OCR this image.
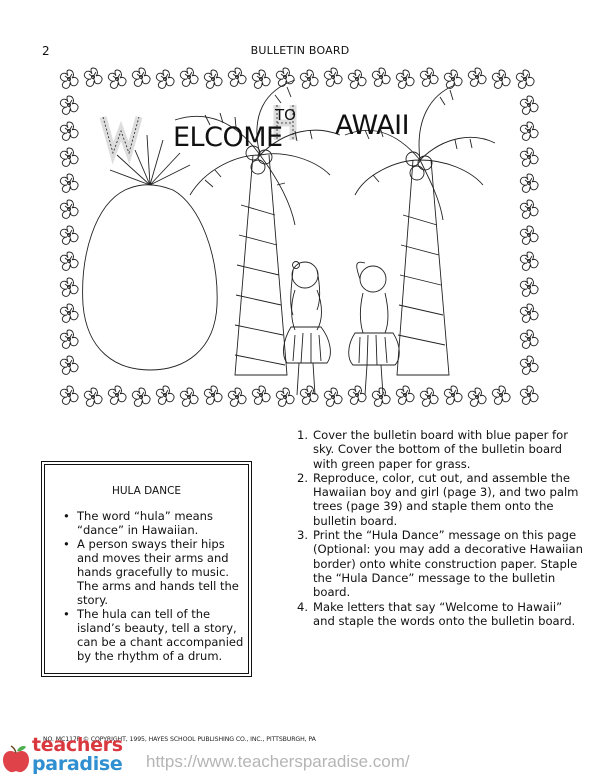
2	BULLETIN BOARD
ELCOME
TO AWAII
HULA DANCE
• The word “hula” means “dance” in Hawaiian.
• A person sways their hips and moves their arms and hands gracefully to music. The arms and hands tell the story.
• The hula can tell of the island’s beauty, tell a story, can be a chant accompanied by the rhythm of a drum.
1. Cover the bulletin board with blue paper for sky. Cover the bottom of the bulletin board with green paper for grass.
2. Reproduce, color, cut out, and assemble the Hawaiian boy and girl (page 3), and two palm trees (page 39) and staple them onto the bulletin board.
3. Print the “Hula Dance” message on this page (Optional: you may add a decorative Hawaiian border) onto white construction paper. Staple the “Hula Dance” message to the bulletin board.
4. Make letters that say “Welcome to Hawaii” and staple the words onto the bulletin board.
NO. MC117R © COPYRIGHT, 1995, HAYES SCHOOL PUBLISHING CO., INC., PITTSBURGH, PA
teachers
paradise https://www.teachersparadise.com/
